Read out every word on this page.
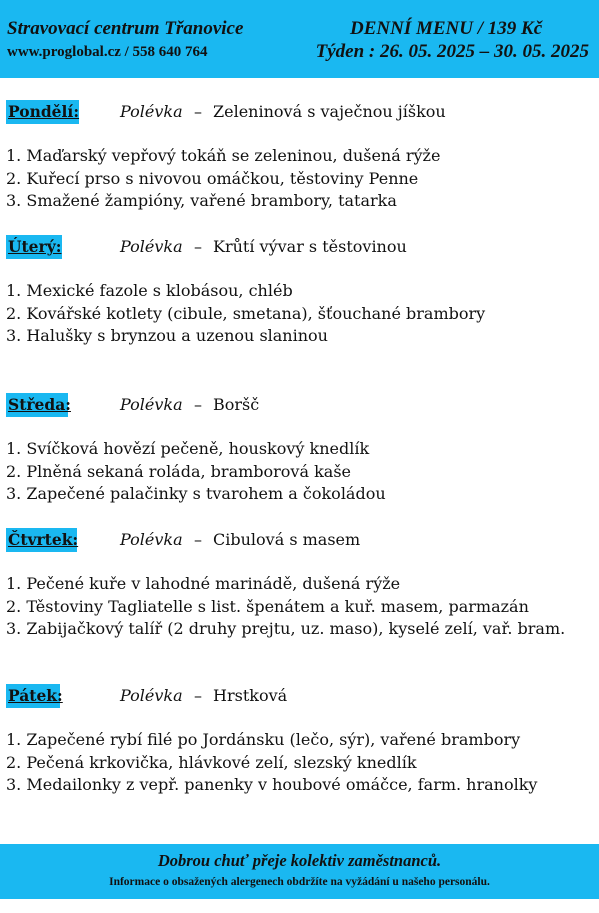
Stravovací centrum Třanovice	DENNÍ MENU / 139 Kč
www.proglobal.cz / 558 640 764	Týden : 26. 05. 2025 – 30. 05. 2025
Pondělí:	Polévka – Zeleninová s vaječnou jíškou
1. Maďarský vepřový tokáň se zeleninou, dušená rýže
2. Kuřecí prso s nivovou omáčkou, těstoviny Penne
3. Smažené žampióny, vařené brambory, tatarka
Úterý:	Polévka – Krůtí vývar s těstovinou
1. Mexické fazole s klobásou, chléb
2. Kovářské kotlety (cibule, smetana), šťouchané brambory
3. Halušky s brynzou a uzenou slaninou
Středa:	Polévka – Boršč
1. Svíčková hovězí pečeně, houskový knedlík
2. Plněná sekaná roláda, bramborová kaše
3. Zapečené palačinky s tvarohem a čokoládou
Čtvrtek:	Polévka – Cibulová s masem
1. Pečené kuře v lahodné marinádě, dušená rýže
2. Těstoviny Tagliatelle s list. špenátem a kuř. masem, parmazán
3. Zabijačkový talíř (2 druhy prejtu, uz. maso), kyselé zelí, vař. bram.
Pátek:	Polévka – Hrstková
1. Zapečené rybí filé po Jordánsku (lečo, sýr), vařené brambory
2. Pečená krkovička, hlávkové zelí, slezský knedlík
3. Medailonky z vepř. panenky v houbové omáčce, farm. hranolky
Dobrou chuť přeje kolektiv zaměstnanců.
Informace o obsažených alergenech obdržíte na vyžádání u našeho personálu.
